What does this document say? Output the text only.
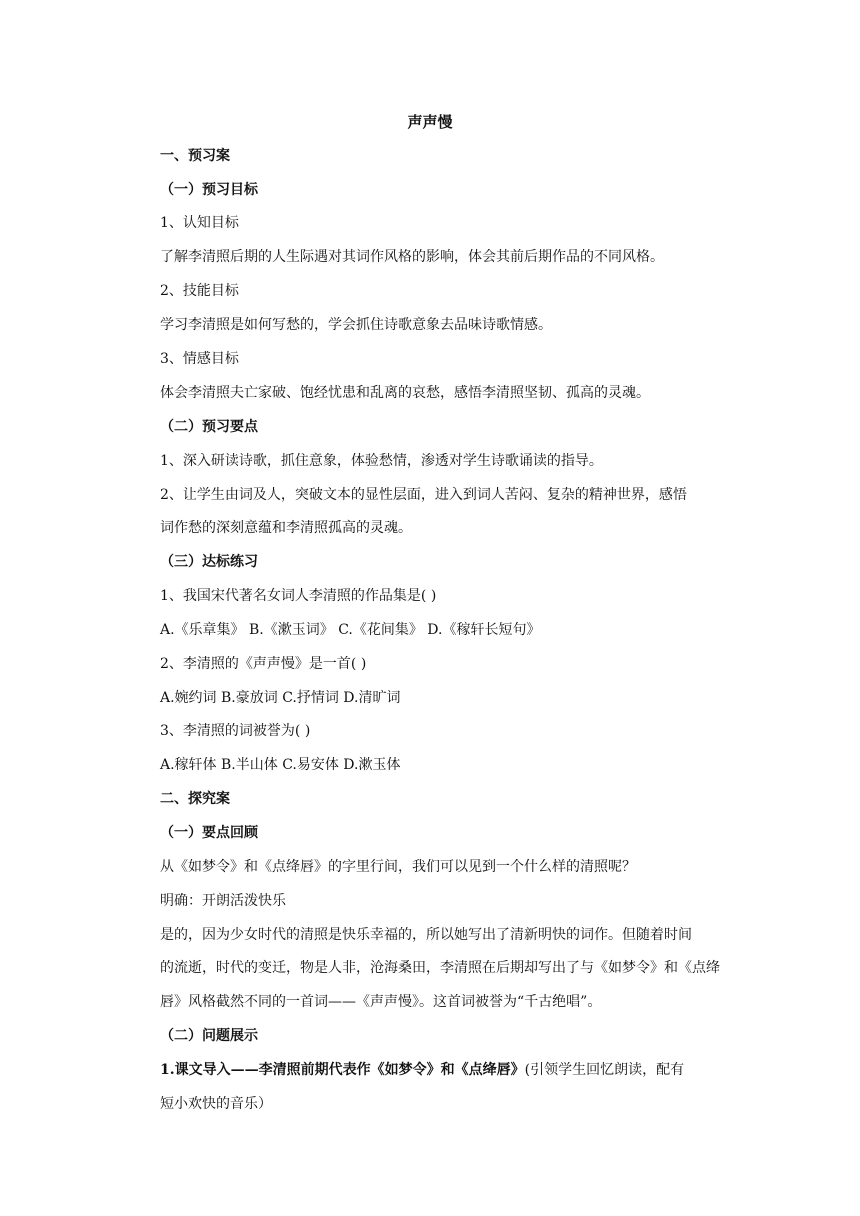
声声慢
一、预习案
（一）预习目标
1、认知目标
了解李清照后期的人生际遇对其词作风格的影响，体会其前后期作品的不同风格。
2、技能目标
学习李清照是如何写愁的，学会抓住诗歌意象去品味诗歌情感。
3、情感目标
体会李清照夫亡家破、饱经忧患和乱离的哀愁，感悟李清照坚韧、孤高的灵魂。
（二）预习要点
1、深入研读诗歌，抓住意象，体验愁情，渗透对学生诗歌诵读的指导。
2、让学生由词及人，突破文本的显性层面，进入到词人苦闷、复杂的精神世界，感悟
词作愁的深刻意蕴和李清照孤高的灵魂。
（三）达标练习
1、我国宋代著名女词人李清照的作品集是( )
A.《乐章集》 B.《漱玉词》 C.《花间集》 D.《稼轩长短句》
2、李清照的《声声慢》是一首( )
A.婉约词 B.豪放词 C.抒情词 D.清旷词
3、李清照的词被誉为( )
A.稼轩体 B.半山体 C.易安体 D.漱玉体
二、探究案
（一）要点回顾
从《如梦令》和《点绛唇》的字里行间，我们可以见到一个什么样的清照呢？
明确：开朗活泼快乐
是的，因为少女时代的清照是快乐幸福的，所以她写出了清新明快的词作。但随着时间
的流逝，时代的变迁，物是人非，沧海桑田，李清照在后期却写出了与《如梦令》和《点绛
唇》风格截然不同的一首词——《声声慢》。这首词被誉为“千古绝唱”。
（二）问题展示
1.课文导入——李清照前期代表作《如梦令》和《点绛唇》(引领学生回忆朗读，配有
短小欢快的音乐）
